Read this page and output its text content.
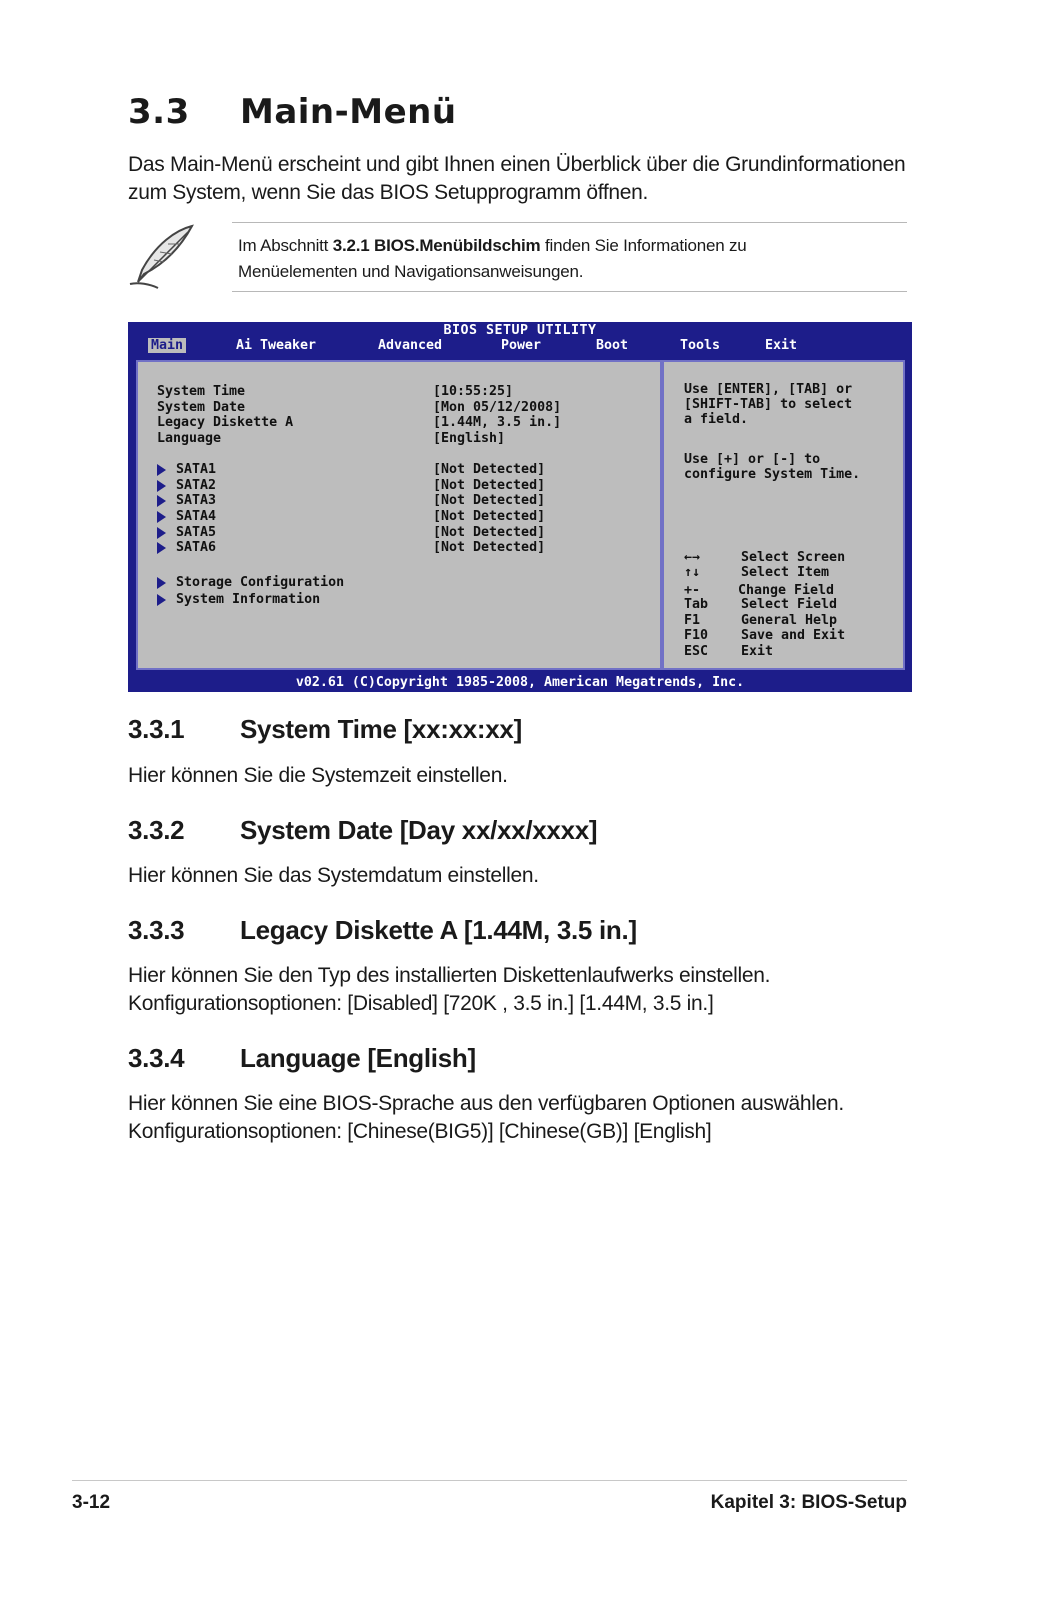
3.3 Main-Menü
Das Main-Menü erscheint und gibt Ihnen einen Überblick über die Grundinformationen
zum System, wenn Sie das BIOS Setupprogramm öffnen.
Im Abschnitt 3.2.1 BIOS.Menübildschim finden Sie Informationen zu
Menüelementen und Navigationsanweisungen.
BIOS SETUP UTILITY
Main	Ai Tweaker	Advanced	Power	Boot	Tools	Exit
System Time	[10:55:25]
System Date	[Mon 05/12/2008]
Legacy Diskette A	[1.44M, 3.5 in.]
Language	[English]
SATA1	[Not Detected]
SATA2	[Not Detected]
SATA3	[Not Detected]
SATA4	[Not Detected]
SATA5	[Not Detected]
SATA6	[Not Detected]
Storage Configuration
System Information
Use [ENTER], [TAB] or
[SHIFT-TAB] to select
a field.
Use [+] or [-] to
configure System Time.
←→	Select Screen
↑↓	Select Item
+-	Change Field
Tab Select Field
F1	General Help
F10 Save and Exit
ESC Exit
v02.61 (C)Copyright 1985-2008, American Megatrends, Inc.
3.3.1 System Time [xx:xx:xx]
Hier können Sie die Systemzeit einstellen.
3.3.2 System Date [Day xx/xx/xxxx]
Hier können Sie das Systemdatum einstellen.
3.3.3 Legacy Diskette A [1.44M, 3.5 in.]
Hier können Sie den Typ des installierten Diskettenlaufwerks einstellen.
Konfigurationsoptionen: [Disabled] [720K , 3.5 in.] [1.44M, 3.5 in.]
3.3.4 Language [English]
Hier können Sie eine BIOS-Sprache aus den verfügbaren Optionen auswählen.
Konfigurationsoptionen: [Chinese(BIG5)] [Chinese(GB)] [English]
3-12	Kapitel 3: BIOS-Setup
